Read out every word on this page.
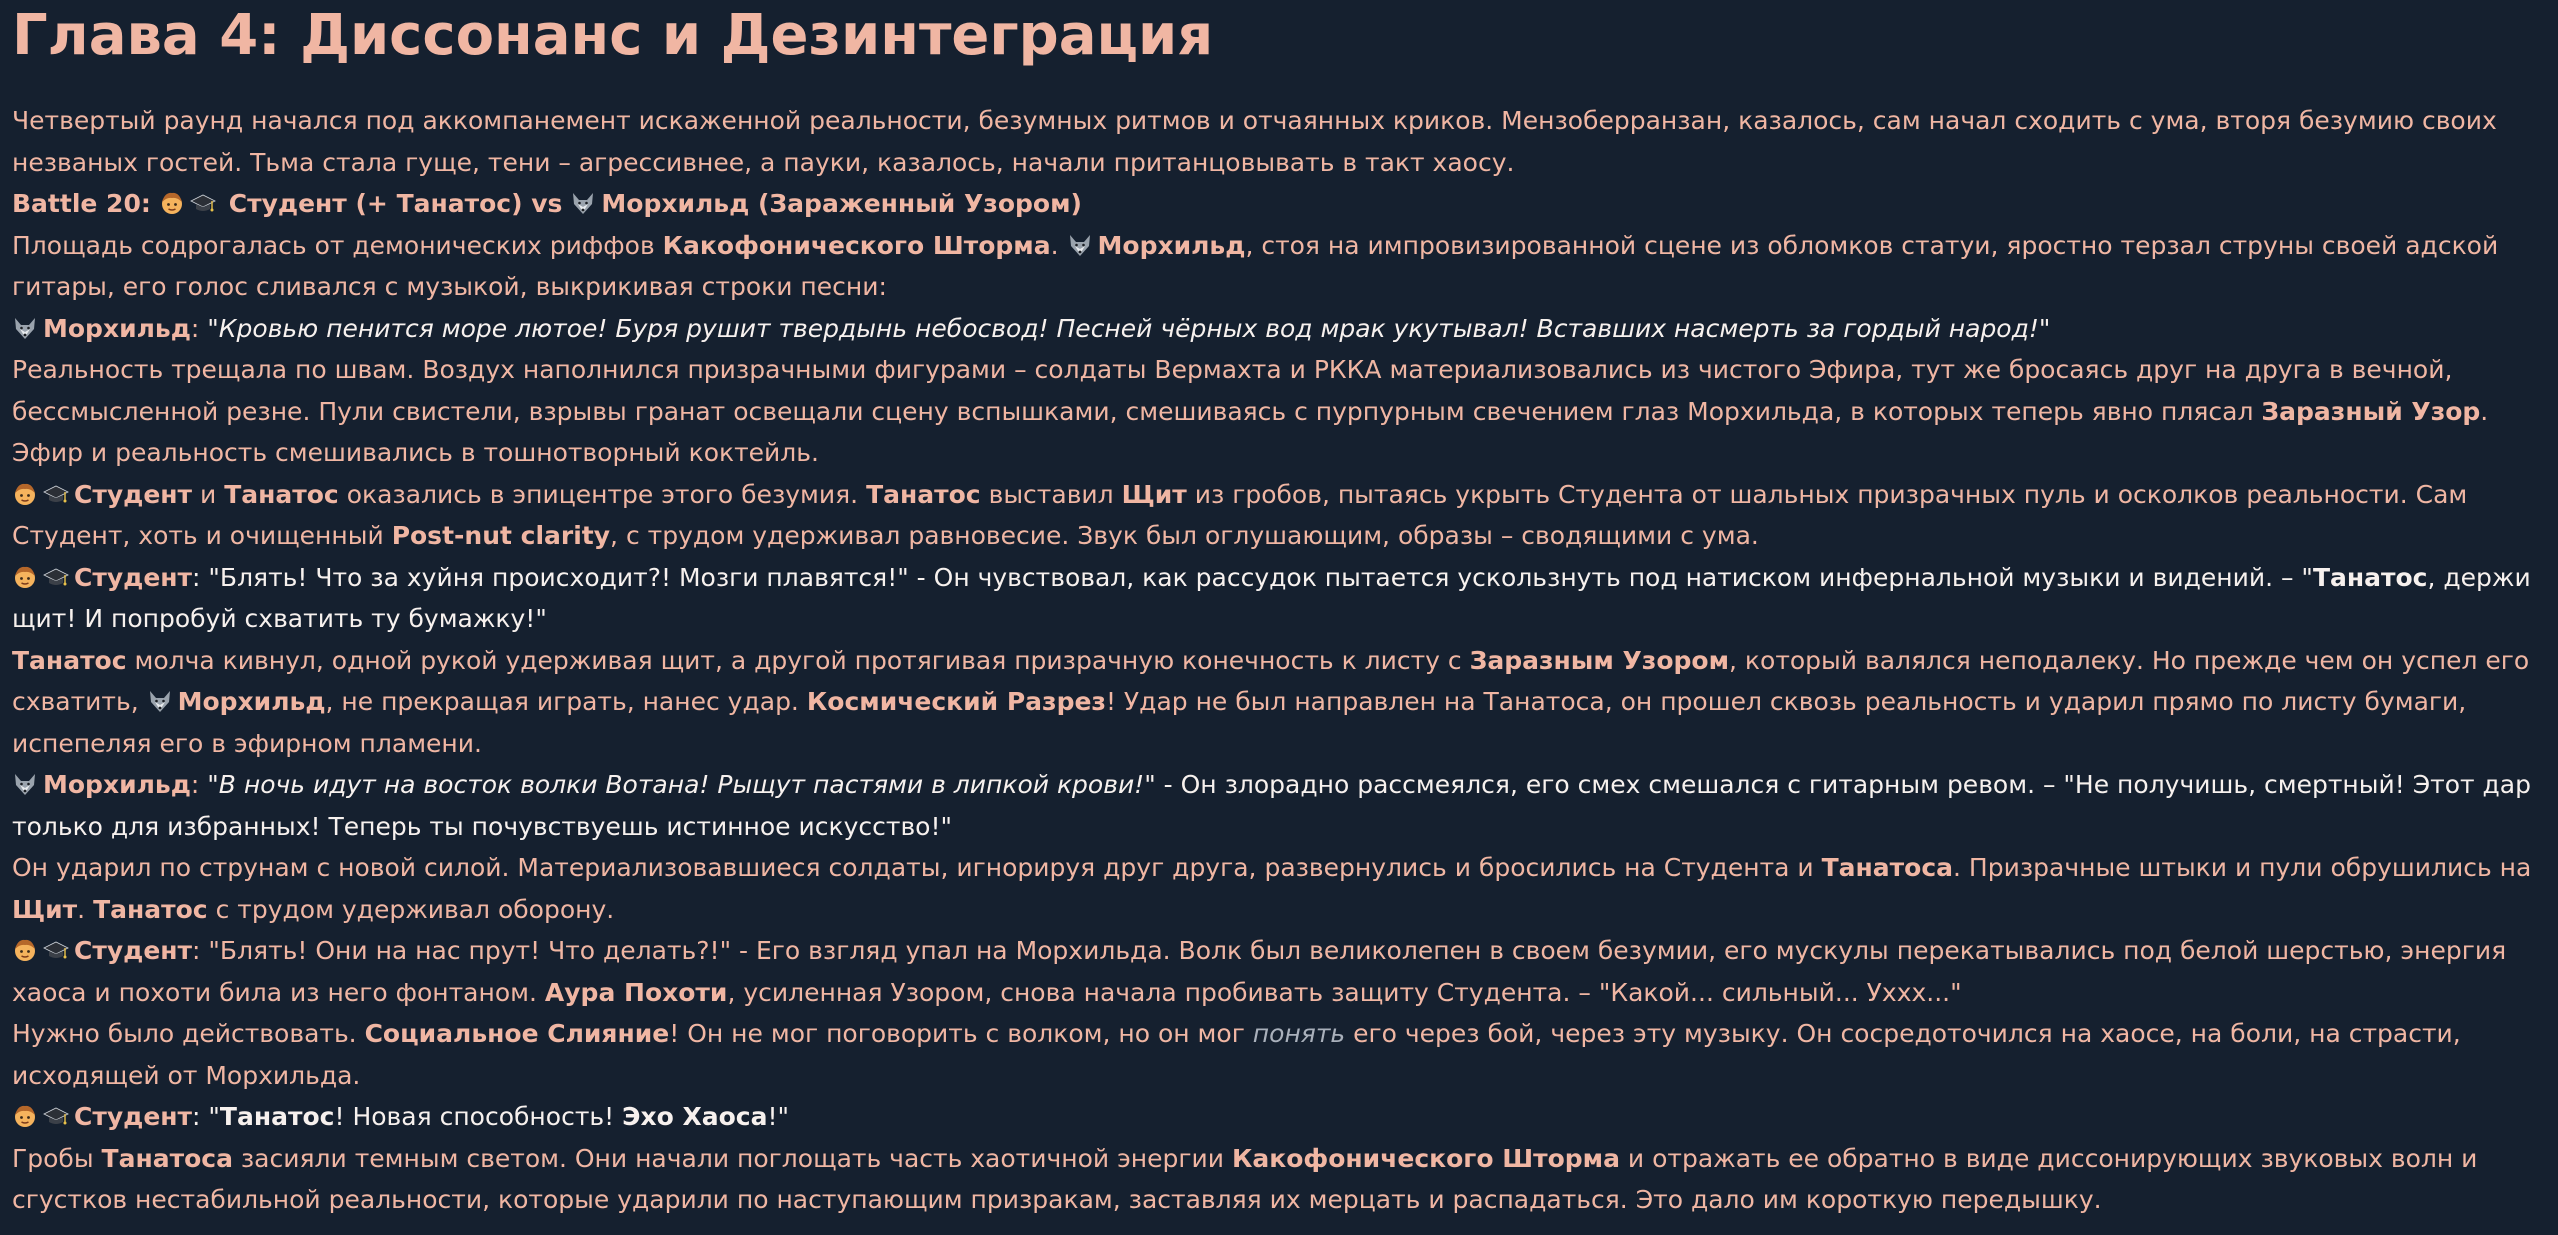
Глава 4: Диссонанс и Дезинтеграция

Четвертый раунд начался под аккомпанемент искаженной реальности, безумных ритмов и отчаянных криков. Мензоберранзан, казалось, сам начал сходить с ума, вторя безумию своих незваных гостей. Тьма стала гуще, тени – агрессивнее, а пауки, казалось, начали пританцовывать в такт хаосу.

Battle 20:	Студент (+ Танатос) vs Морхильд (Зараженный Узором)

Площадь содрогалась от демонических риффов Какофонического Шторма.
Морхильд, стоя на импровизированной сцене из обломков статуи, яростно терзал струны своей адской гитары, его голос сливался с музыкой, выкрикивая строки песни:

Морхильд: "Кровью пенится море лютое! Буря рушит твердынь небосвод! Песней чёрных вод мрак укутывал! Вставших насмерть за гордый народ!"

Реальность трещала по швам. Воздух наполнился призрачными фигурами – солдаты Вермахта и РККА материализовались из чистого Эфира, тут же бросаясь друг на друга в вечной, бессмысленной резне. Пули свистели, взрывы гранат освещали сцену вспышками, смешиваясь с пурпурным свечением глаз Морхильда, в которых теперь явно плясал Заразный Узор. Эфир и реальность смешивались в тошнотворный коктейль.

Студент и Танатос оказались в эпицентре этого безумия. Танатос выставил Щит из гробов, пытаясь укрыть Студента от шальных призрачных пуль и осколков реальности. Сам Студент, хоть и очищенный Post-nut clarity, с трудом удерживал равновесие. Звук был оглушающим, образы – сводящими с ума.

Студент: "Блять! Что за хуйня происходит?! Мозги плавятся!" - Он чувствовал, как рассудок пытается ускользнуть под натиском инфернальной музыки и видений. – "Танатос, держи щит! И попробуй схватить ту бумажку!"

Танатос молча кивнул, одной рукой удерживая щит, а другой протягивая призрачную конечность к листу с Заразным Узором, который валялся неподалеку. Но прежде чем он успел его схватить,
Морхильд, не прекращая играть, нанес удар. Космический Разрез! Удар не был направлен на Танатоса, он прошел сквозь реальность и ударил прямо по листу бумаги, испепеляя его в эфирном пламени.

Морхильд: "В ночь идут на восток волки Вотана! Рыщут пастями в липкой крови!" - Он злорадно рассмеялся, его смех смешался с гитарным ревом. – "Не получишь, смертный! Этот дар только для избранных! Теперь ты почувствуешь истинное искусство!"

Он ударил по струнам с новой силой. Материализовавшиеся солдаты, игнорируя друг друга, развернулись и бросились на Студента и Танатоса. Призрачные штыки и пули обрушились на Щит. Танатос с трудом удерживал оборону.

Студент: "Блять! Они на нас прут! Что делать?!" - Его взгляд упал на Морхильда. Волк был великолепен в своем безумии, его мускулы перекатывались под белой шерстью, энергия хаоса и похоти била из него фонтаном. Аура Похоти, усиленная Узором, снова начала пробивать защиту Студента. – "Какой... сильный... Ухxx..."

Нужно было действовать. Социальное Слияние! Он не мог поговорить с волком, но он мог понять его через бой, через эту музыку. Он сосредоточился на хаосе, на боли, на страсти, исходящей от Морхильда.

Студент: "Танатос! Новая способность! Эхо Хаоса!"

Гробы Танатоса засияли темным светом. Они начали поглощать часть хаотичной энергии Какофонического Шторма и отражать ее обратно в виде диссонирующих звуковых волн и сгустков нестабильной реальности, которые ударили по наступающим призракам, заставляя их мерцать и распадаться. Это дало им короткую передышку.
